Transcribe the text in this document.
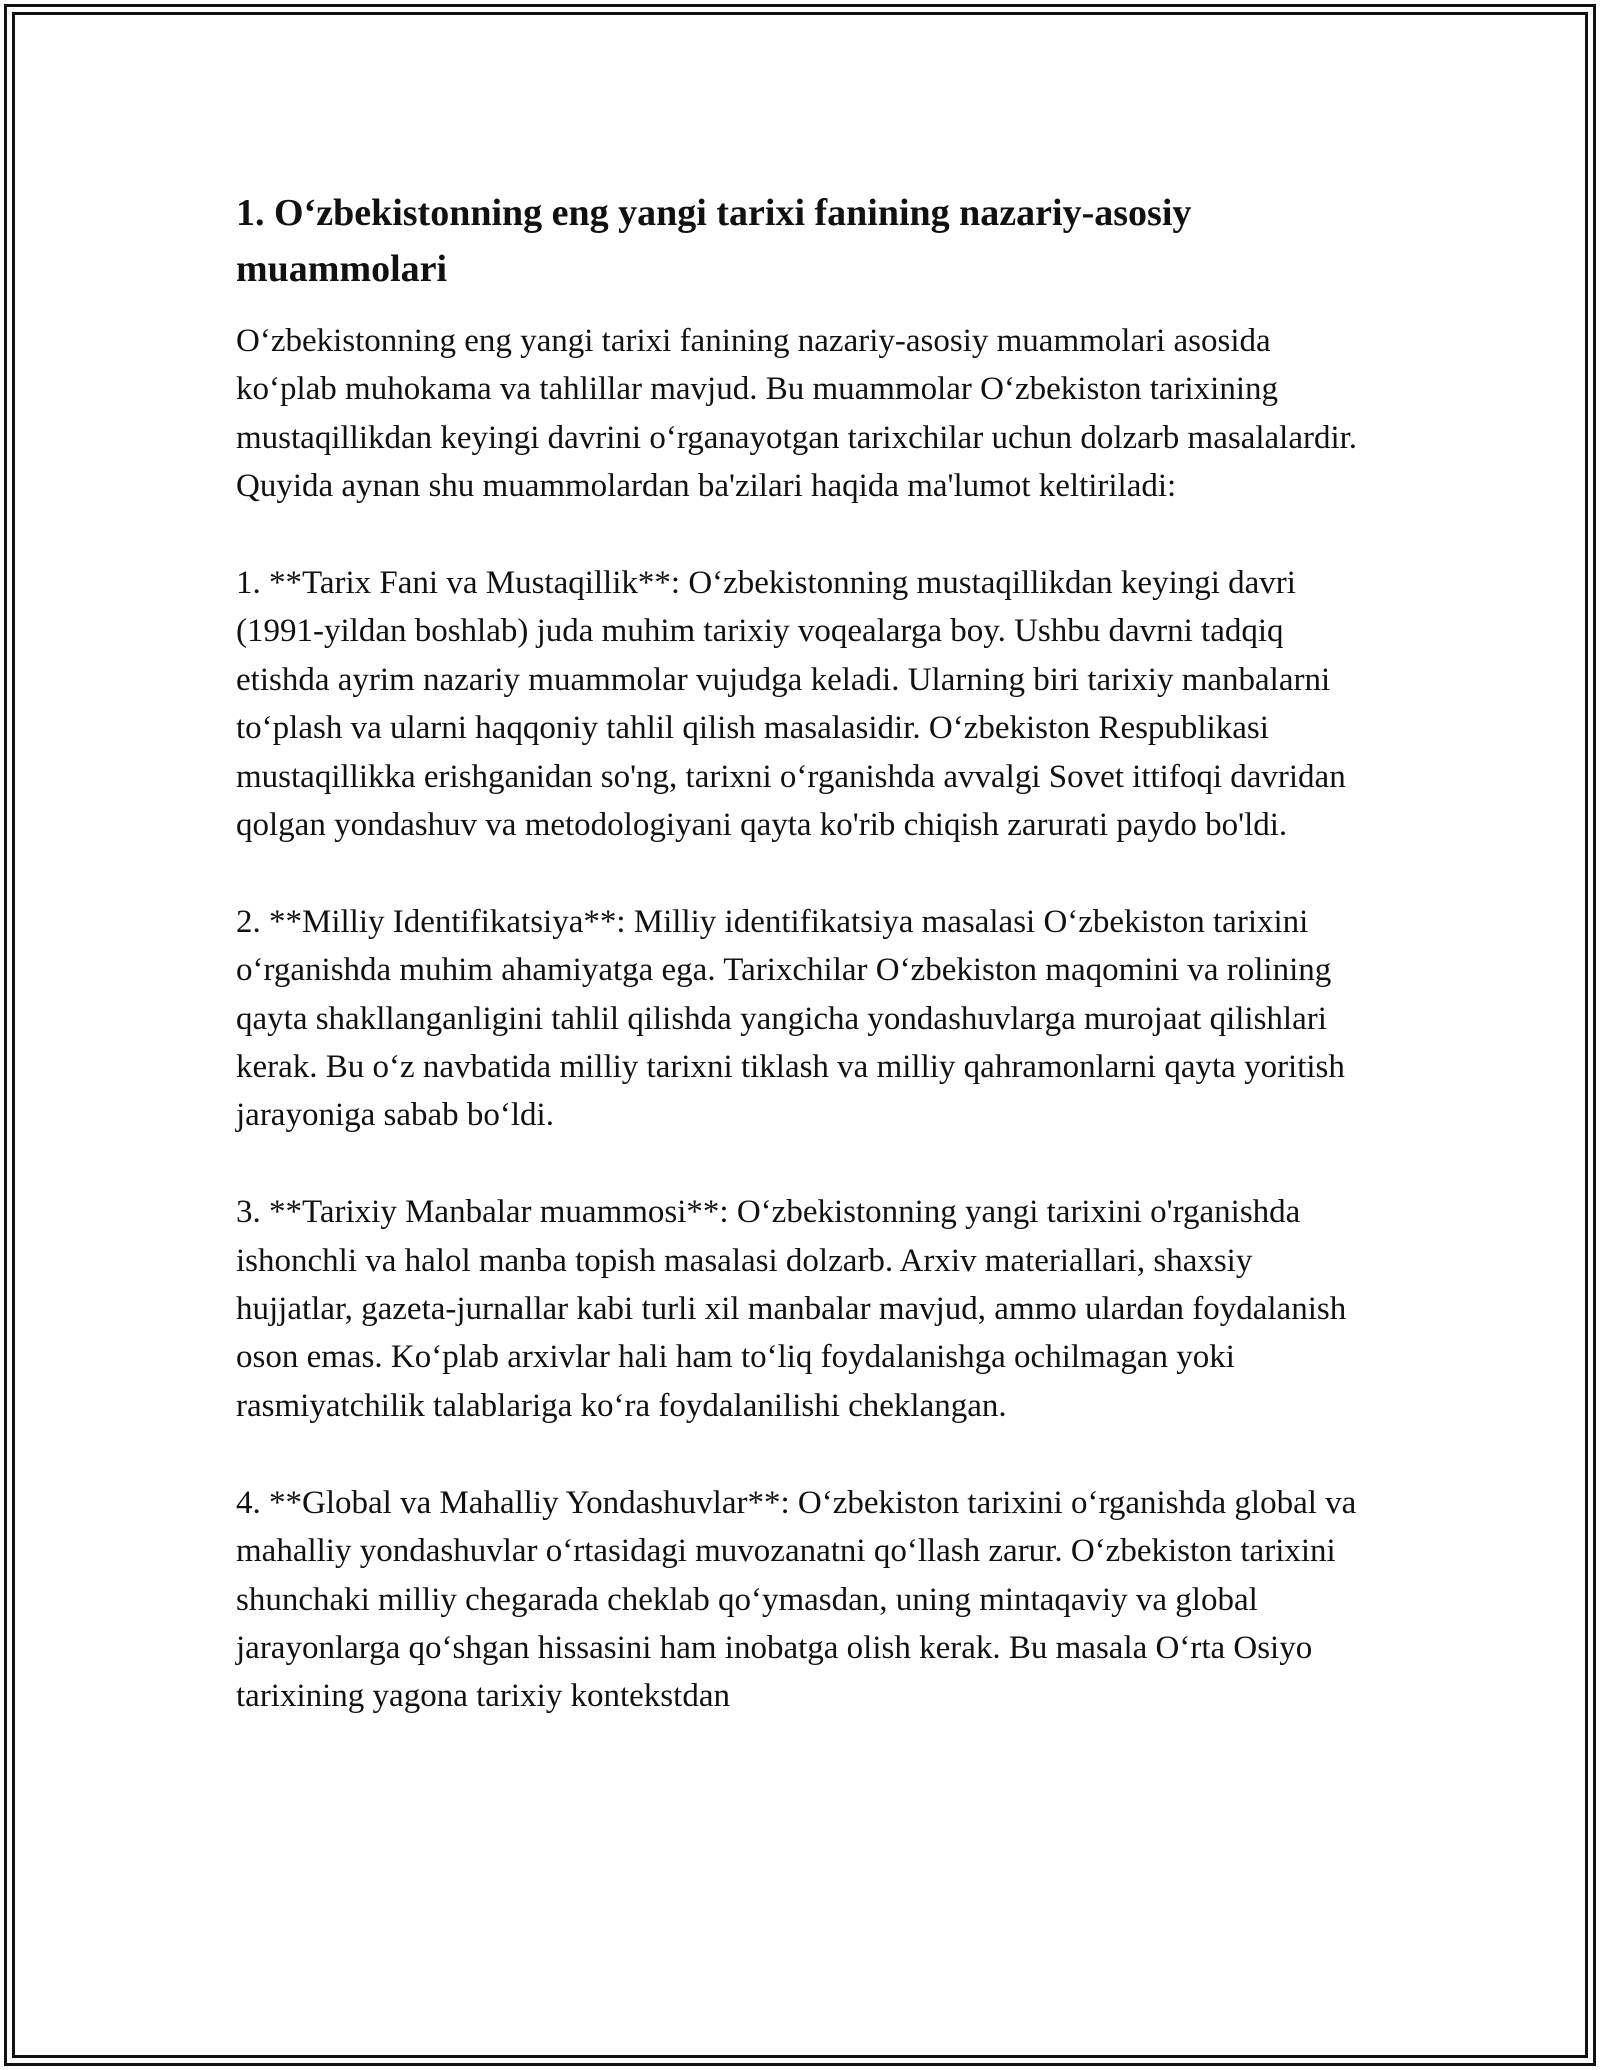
1. O‘zbekistonning eng yangi tarixi fanining nazariy-asosiy muammolari

O‘zbekistonning eng yangi tarixi fanining nazariy-asosiy muammolari asosida ko‘plab muhokama va tahlillar mavjud. Bu muammolar O‘zbekiston tarixining mustaqillikdan keyingi davrini o‘rganayotgan tarixchilar uchun dolzarb masalalardir. Quyida aynan shu muammolardan ba'zilari haqida ma'lumot keltiriladi:

1. **Tarix Fani va Mustaqillik**: O‘zbekistonning mustaqillikdan keyingi davri (1991-yildan boshlab) juda muhim tarixiy voqealarga boy. Ushbu davrni tadqiq etishda ayrim nazariy muammolar vujudga keladi. Ularning biri tarixiy manbalarni to‘plash va ularni haqqoniy tahlil qilish masalasidir. O‘zbekiston Respublikasi mustaqillikka erishganidan so'ng, tarixni o‘rganishda avvalgi Sovet ittifoqi davridan qolgan yondashuv va metodologiyani qayta ko'rib chiqish zarurati paydo bo'ldi.

2. **Milliy Identifikatsiya**: Milliy identifikatsiya masalasi O‘zbekiston tarixini o‘rganishda muhim ahamiyatga ega. Tarixchilar O‘zbekiston maqomini va rolining qayta shakllanganligini tahlil qilishda yangicha yondashuvlarga murojaat qilishlari kerak. Bu o‘z navbatida milliy tarixni tiklash va milliy qahramonlarni qayta yoritish jarayoniga sabab bo‘ldi.

3. **Tarixiy Manbalar muammosi**: O‘zbekistonning yangi tarixini o'rganishda ishonchli va halol manba topish masalasi dolzarb. Arxiv materiallari, shaxsiy hujjatlar, gazeta-jurnallar kabi turli xil manbalar mavjud, ammo ulardan foydalanish oson emas. Ko‘plab arxivlar hali ham to‘liq foydalanishga ochilmagan yoki rasmiyatchilik talablariga ko‘ra foydalanilishi cheklangan.

4. **Global va Mahalliy Yondashuvlar**: O‘zbekiston tarixini o‘rganishda global va mahalliy yondashuvlar o‘rtasidagi muvozanatni qo‘llash zarur. O‘zbekiston tarixini shunchaki milliy chegarada cheklab qo‘ymasdan, uning mintaqaviy va global jarayonlarga qo‘shgan hissasini ham inobatga olish kerak. Bu masala O‘rta Osiyo tarixining yagona tarixiy kontekstdan
